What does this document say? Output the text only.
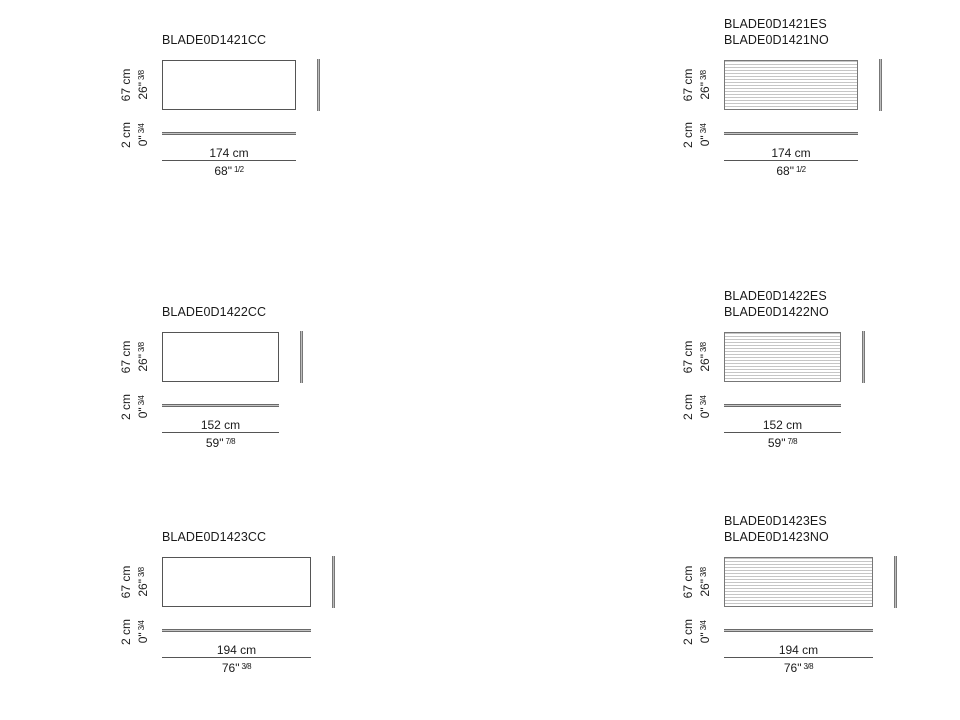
BLADE0D1421CC
67 cm 26"$^{3/8}$
2 cm 0"$^{3/4}$
174 cm
68" $^{1/2}$
BLADE0D1421ES
BLADE0D1421NO
67 cm 26"$^{3/8}$
2 cm 0"$^{3/4}$
174 cm
68" $^{1/2}$
BLADE0D1422CC
67 cm 26"$^{3/8}$
2 cm 0"$^{3/4}$
152 cm
59" $^{7/8}$
BLADE0D1422ES
BLADE0D1422NO
67 cm 26"$^{3/8}$
2 cm 0"$^{3/4}$
152 cm
59" $^{7/8}$
BLADE0D1423CC
67 cm 26"$^{3/8}$
2 cm 0"$^{3/4}$
194 cm
76" $^{3/8}$
BLADE0D1423ES
BLADE0D1423NO
67 cm 26"$^{3/8}$
2 cm 0"$^{3/4}$
194 cm
76" $^{3/8}$
